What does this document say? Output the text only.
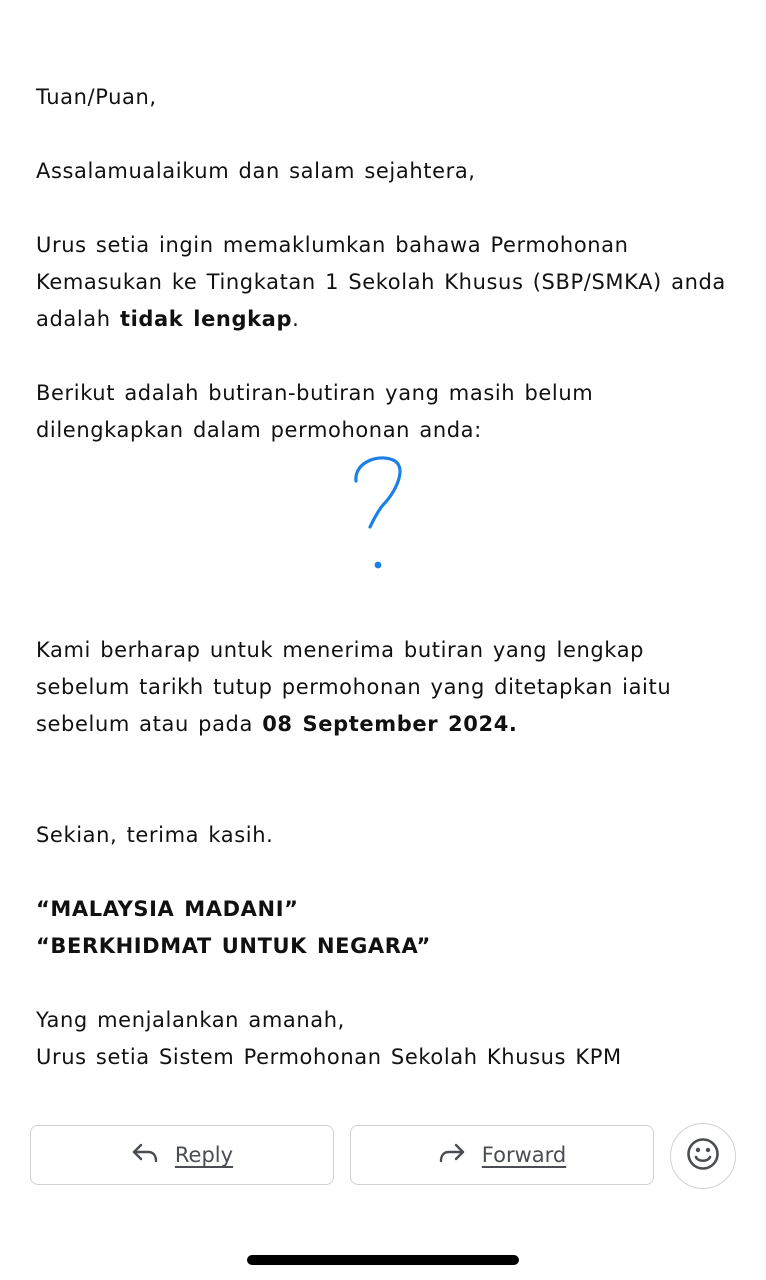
Tuan/Puan,

Assalamualaikum dan salam sejahtera,

Urus setia ingin memaklumkan bahawa Permohonan Kemasukan ke Tingkatan 1 Sekolah Khusus (SBP/SMKA) anda adalah tidak lengkap.

Berikut adalah butiran-butiran yang masih belum dilengkapkan dalam permohonan anda:

Kami berharap untuk menerima butiran yang lengkap sebelum tarikh tutup permohonan yang ditetapkan iaitu sebelum atau pada 08 September 2024.

Sekian, terima kasih.

“MALAYSIA MADANI”

“BERKHIDMAT UNTUK NEGARA”

Yang menjalankan amanah,

Urus setia Sistem Permohonan Sekolah Khusus KPM

Reply	Forward
